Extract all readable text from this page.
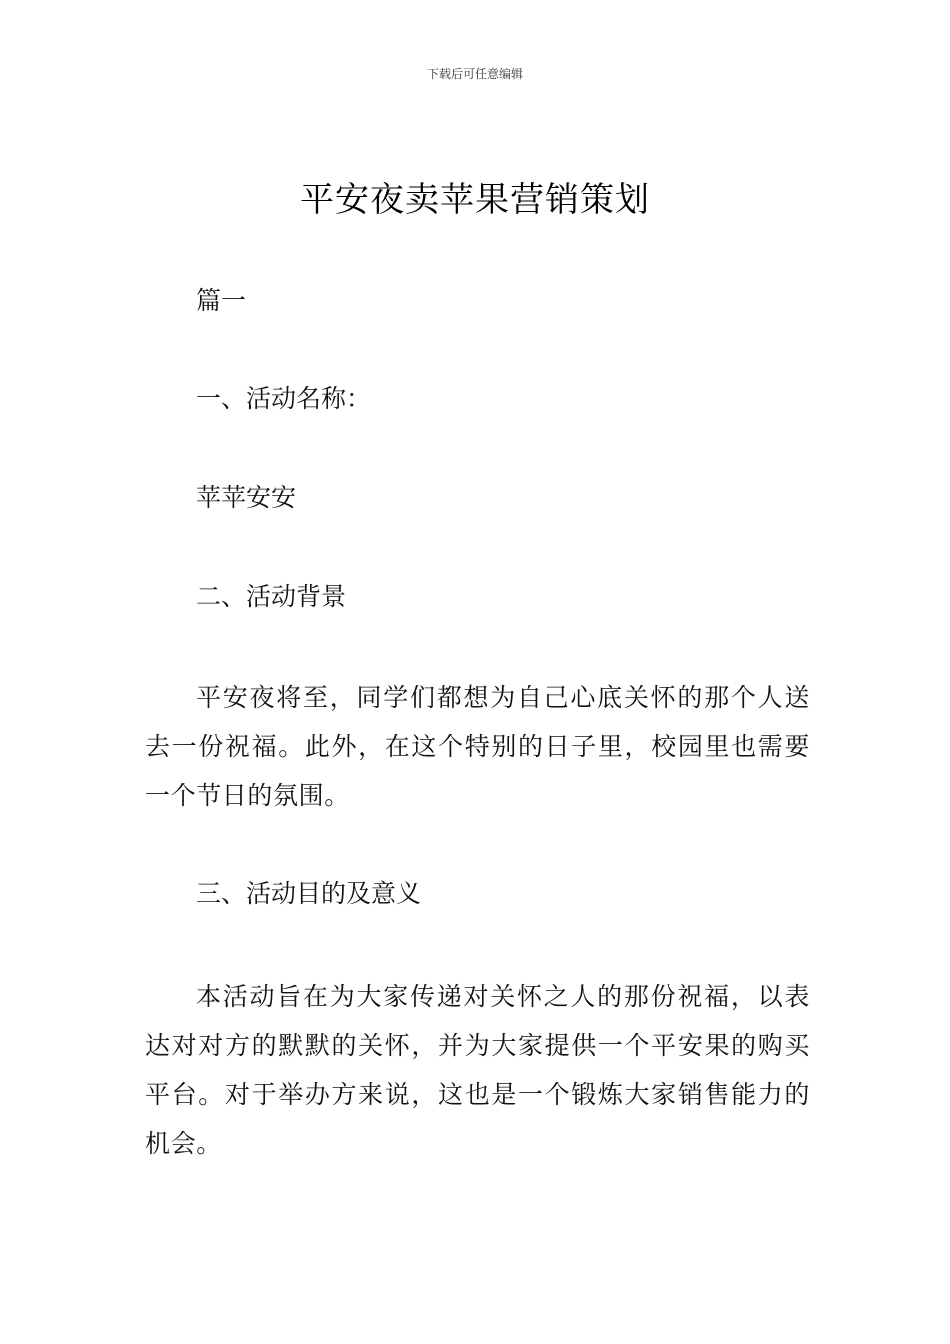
下载后可任意编辑
平安夜卖苹果营销策划

篇一

一、活动名称：

苹苹安安

二、活动背景

平安夜将至，同学们都想为自己心底关怀的那个人送去一份祝福。此外，在这个特别的日子里，校园里也需要一个节日的氛围。

三、活动目的及意义

本活动旨在为大家传递对关怀之人的那份祝福，以表达对对方的默默的关怀，并为大家提供一个平安果的购买平台。对于举办方来说，这也是一个锻炼大家销售能力的机会。
